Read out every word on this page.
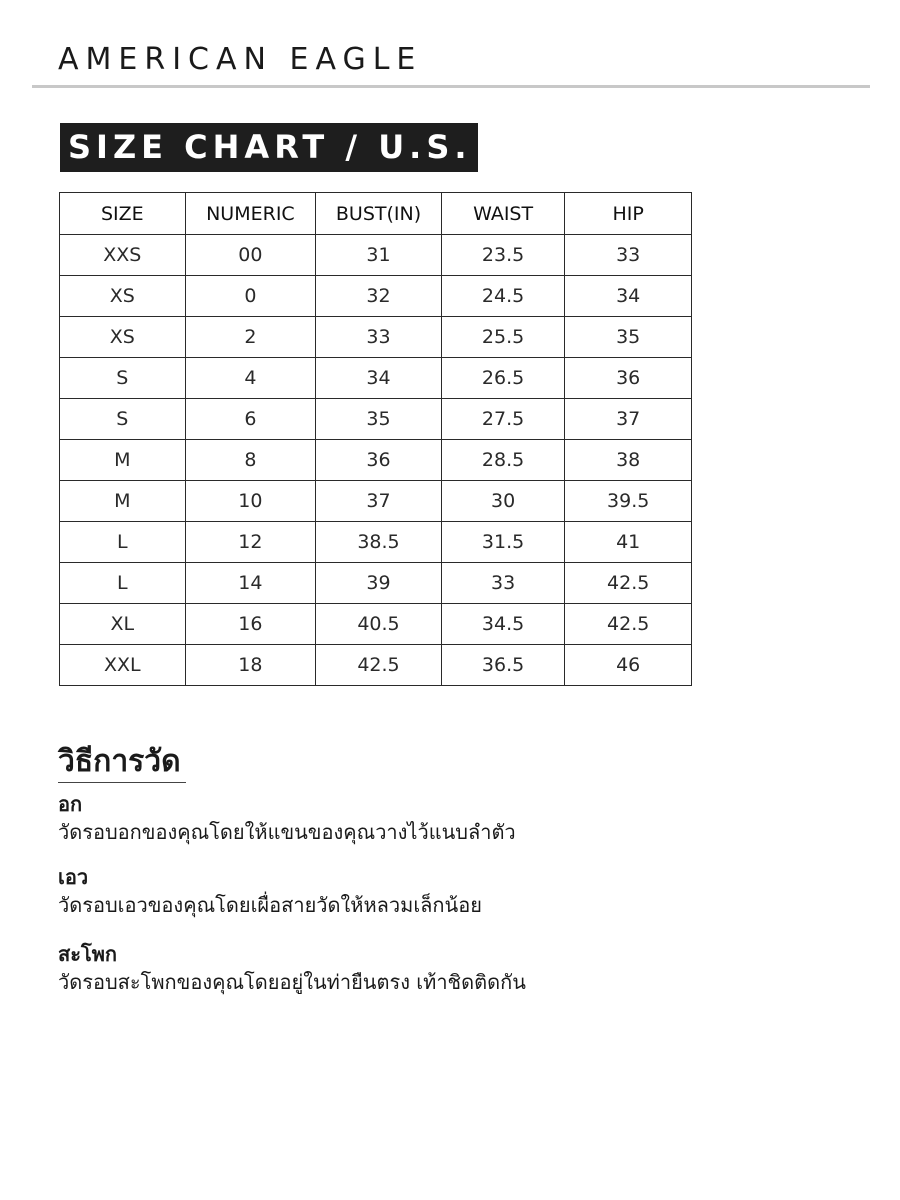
AMERICAN EAGLE
SIZE CHART / U.S.
SIZE	NUMERIC	BUST(IN)	WAIST	HIP
XXS	00	31	23.5	33
XS	0	32	24.5	34
XS	2	33	25.5	35
S	4	34	26.5	36
S	6	35	27.5	37
M	8	36	28.5	38
M	10	37	30	39.5
L	12	38.5	31.5	41
L	14	39	33	42.5
XL	16	40.5	34.5	42.5
XXL	18	42.5	36.5	46
วิธีการวัด
อก
วัดรอบอกของคุณโดยให้แขนของคุณวางไว้แนบลำตัว
เอว
วัดรอบเอวของคุณโดยเผื่อสายวัดให้หลวมเล็กน้อย
สะโพก
วัดรอบสะโพกของคุณโดยอยู่ในท่ายืนตรง เท้าชิดติดกัน
